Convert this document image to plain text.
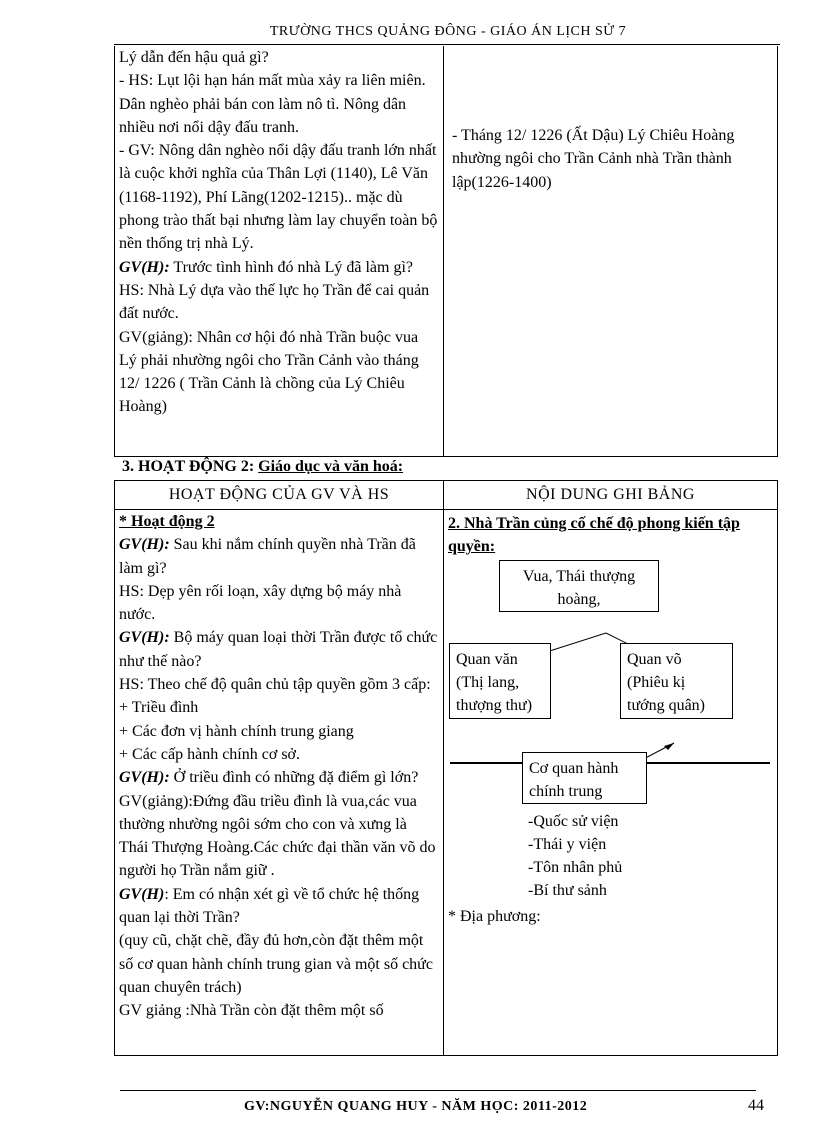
TRƯỜNG THCS QUẢNG ĐÔNG - GIÁO ÁN LỊCH SỬ 7

Lý dẫn đến hậu quả gì?

- HS: Lụt lội hạn hán mất mùa xảy ra liên miên. Dân nghèo phải bán con làm nô tì. Nông dân nhiều nơi nổi dậy đấu tranh.

- GV: Nông dân nghèo nổi dậy đấu tranh lớn nhất là cuộc khởi nghĩa của Thân Lợi (1140), Lê Văn (1168-1192), Phí Lãng(1202-1215).. mặc dù phong trào thất bại nhưng làm lay chuyển toàn bộ nền thống trị nhà Lý.

GV(H): Trước tình hình đó nhà Lý đã làm gì?

HS: Nhà Lý dựa vào thế lực họ Trần để cai quản đất nước.

GV(giảng): Nhân cơ hội đó nhà Trần buộc vua Lý phải nhường ngôi cho Trần Cảnh vào tháng 12/ 1226 ( Trần Cảnh là chồng của Lý Chiêu Hoàng)

- Tháng 12/ 1226 (Ất Dậu) Lý Chiêu Hoàng nhường ngôi cho Trần Cảnh nhà Trần thành lập(1226-1400)

3. HOẠT ĐỘNG 2: Giáo dục và văn hoá:
HOẠT ĐỘNG CỦA GV VÀ HS	NỘI DUNG GHI BẢNG

* Hoạt động 2

GV(H): Sau khi nắm chính quyền nhà Trần đã làm gì?

HS: Dẹp yên rối loạn, xây dựng bộ máy nhà nước.

GV(H): Bộ máy quan loại thời Trần được tổ chức như thế nào?

HS: Theo chế độ quân chủ tập quyền gồm 3 cấp:

+ Triều đình

+ Các đơn vị hành chính trung giang

+ Các cấp hành chính cơ sở.

GV(H): Ở triều đình có những đặ điểm gì lớn?

GV(giảng):Đứng đầu triều đình là vua,các vua thường nhường ngôi sớm cho con và xưng là Thái Thượng Hoàng.Các chức đại thần văn võ do người họ Trần nắm giữ .

GV(H): Em có nhận xét gì về tổ chức hệ thống quan lại thời Trần?

(quy cũ, chặt chẽ, đầy đủ hơn,còn đặt thêm một số cơ quan hành chính trung gian và một số chức quan chuyên trách)

GV giảng :Nhà Trần còn đặt thêm một số

2. Nhà Trần củng cố chế độ phong kiến tập quyền:

Vua, Thái thượng hoàng,
Quan văn (Thị lang, thượng thư)
Quan võ (Phiêu kị tướng quân)
Cơ quan hành chính trung
-Quốc sử viện
-Thái y viện
-Tôn nhân phủ
-Bí thư sảnh

* Địa phương:

GV:NGUYỄN QUANG HUY - NĂM HỌC: 2011-2012	44
